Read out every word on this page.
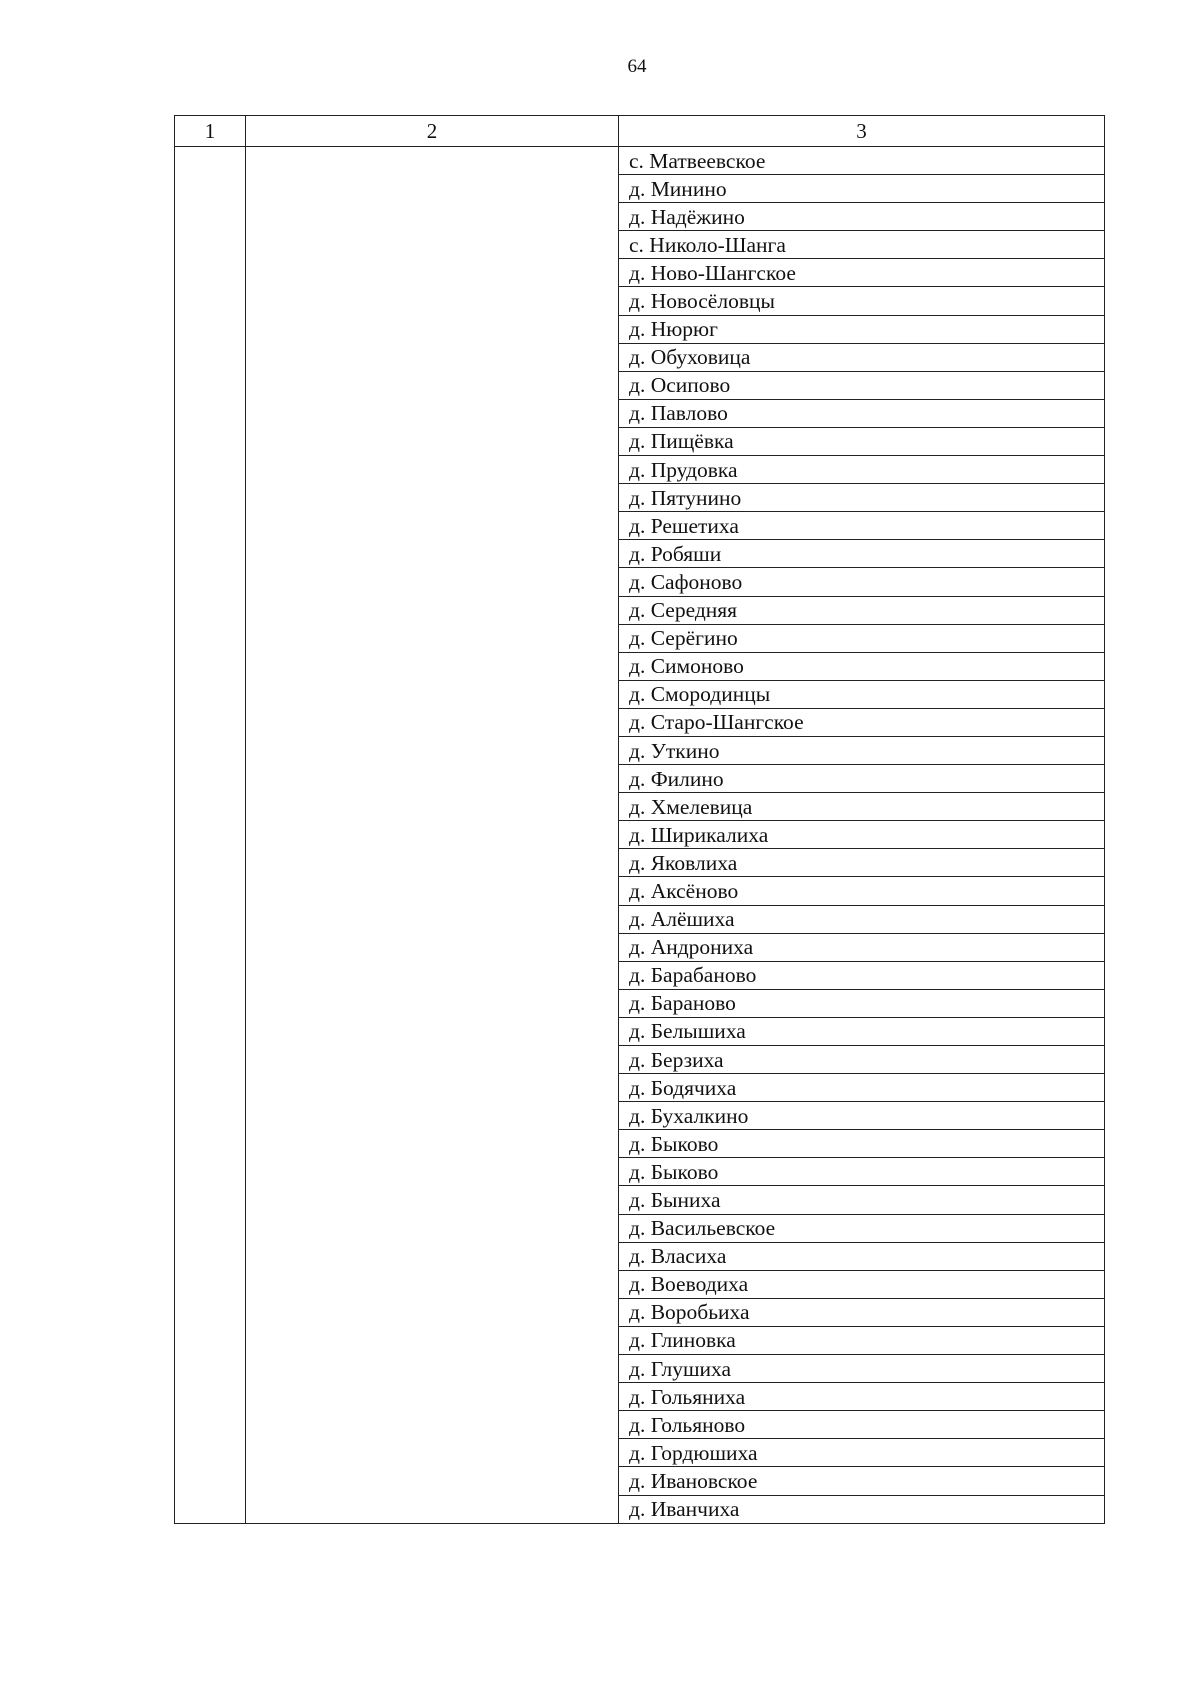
64
1	2	3
		с. Матвеевское
		д. Минино
		д. Надёжино
		с. Николо-Шанга
		д. Ново-Шангское
		д. Новосёловцы
		д. Нюрюг
		д. Обуховица
		д. Осипово
		д. Павлово
		д. Пищёвка
		д. Прудовка
		д. Пятунино
		д. Решетиха
		д. Робяши
		д. Сафоново
		д. Середняя
		д. Серёгино
		д. Симоново
		д. Смородинцы
		д. Старо-Шангское
		д. Уткино
		д. Филино
		д. Хмелевица
		д. Ширикалиха
		д. Яковлиха
		д. Аксёново
		д. Алёшиха
		д. Андрониха
		д. Барабаново
		д. Бараново
		д. Белышиха
		д. Берзиха
		д. Бодячиха
		д. Бухалкино
		д. Быково
		д. Быково
		д. Быниха
		д. Васильевское
		д. Власиха
		д. Воеводиха
		д. Воробьиха
		д. Глиновка
		д. Глушиха
		д. Гольяниха
		д. Гольяново
		д. Гордюшиха
		д. Ивановское
		д. Иванчиха
